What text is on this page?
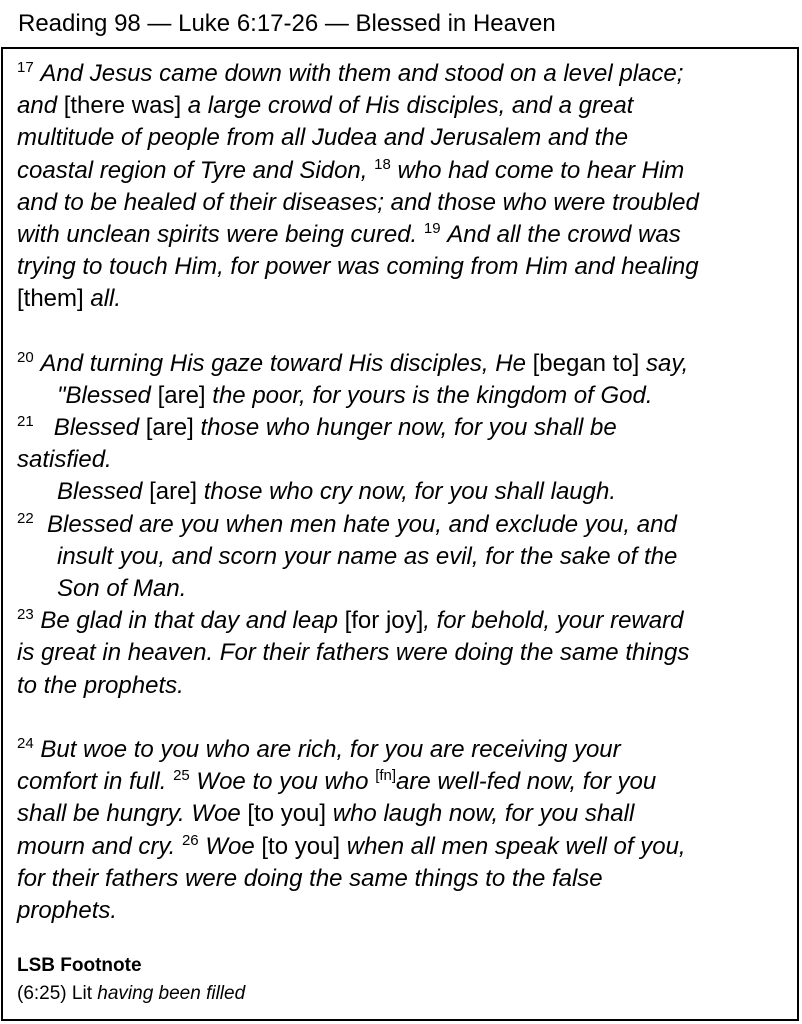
Reading 98 — Luke 6:17-26 — Blessed in Heaven
$^{17}$ And Jesus came down with them and stood on a level place;
and [there was] a large crowd of His disciples, and a great
multitude of people from all Judea and Jerusalem and the
coastal region of Tyre and Sidon, $^{18}$ who had come to hear Him
and to be healed of their diseases; and those who were troubled
with unclean spirits were being cured. $^{19}$ And all the crowd was
trying to touch Him, for power was coming from Him and healing
[them] all.
$^{20}$ And turning His gaze toward His disciples, He [began to] say,
"Blessed [are] the poor, for yours is the kingdom of God.
$^{21}$ Blessed [are] those who hunger now, for you shall be
satisfied.
Blessed [are] those who cry now, for you shall laugh.
$^{22}$ Blessed are you when men hate you, and exclude you, and
insult you, and scorn your name as evil, for the sake of the
Son of Man.
$^{23}$ Be glad in that day and leap [for joy], for behold, your reward
is great in heaven. For their fathers were doing the same things
to the prophets.
$^{24}$ But woe to you who are rich, for you are receiving your
comfort in full. $^{25}$ Woe to you who [fn]are well-fed now, for you
shall be hungry. Woe [to you] who laugh now, for you shall
mourn and cry. $^{26}$ Woe [to you] when all men speak well of you,
for their fathers were doing the same things to the false
prophets.
LSB Footnote
(6:25) Lit having been filled
